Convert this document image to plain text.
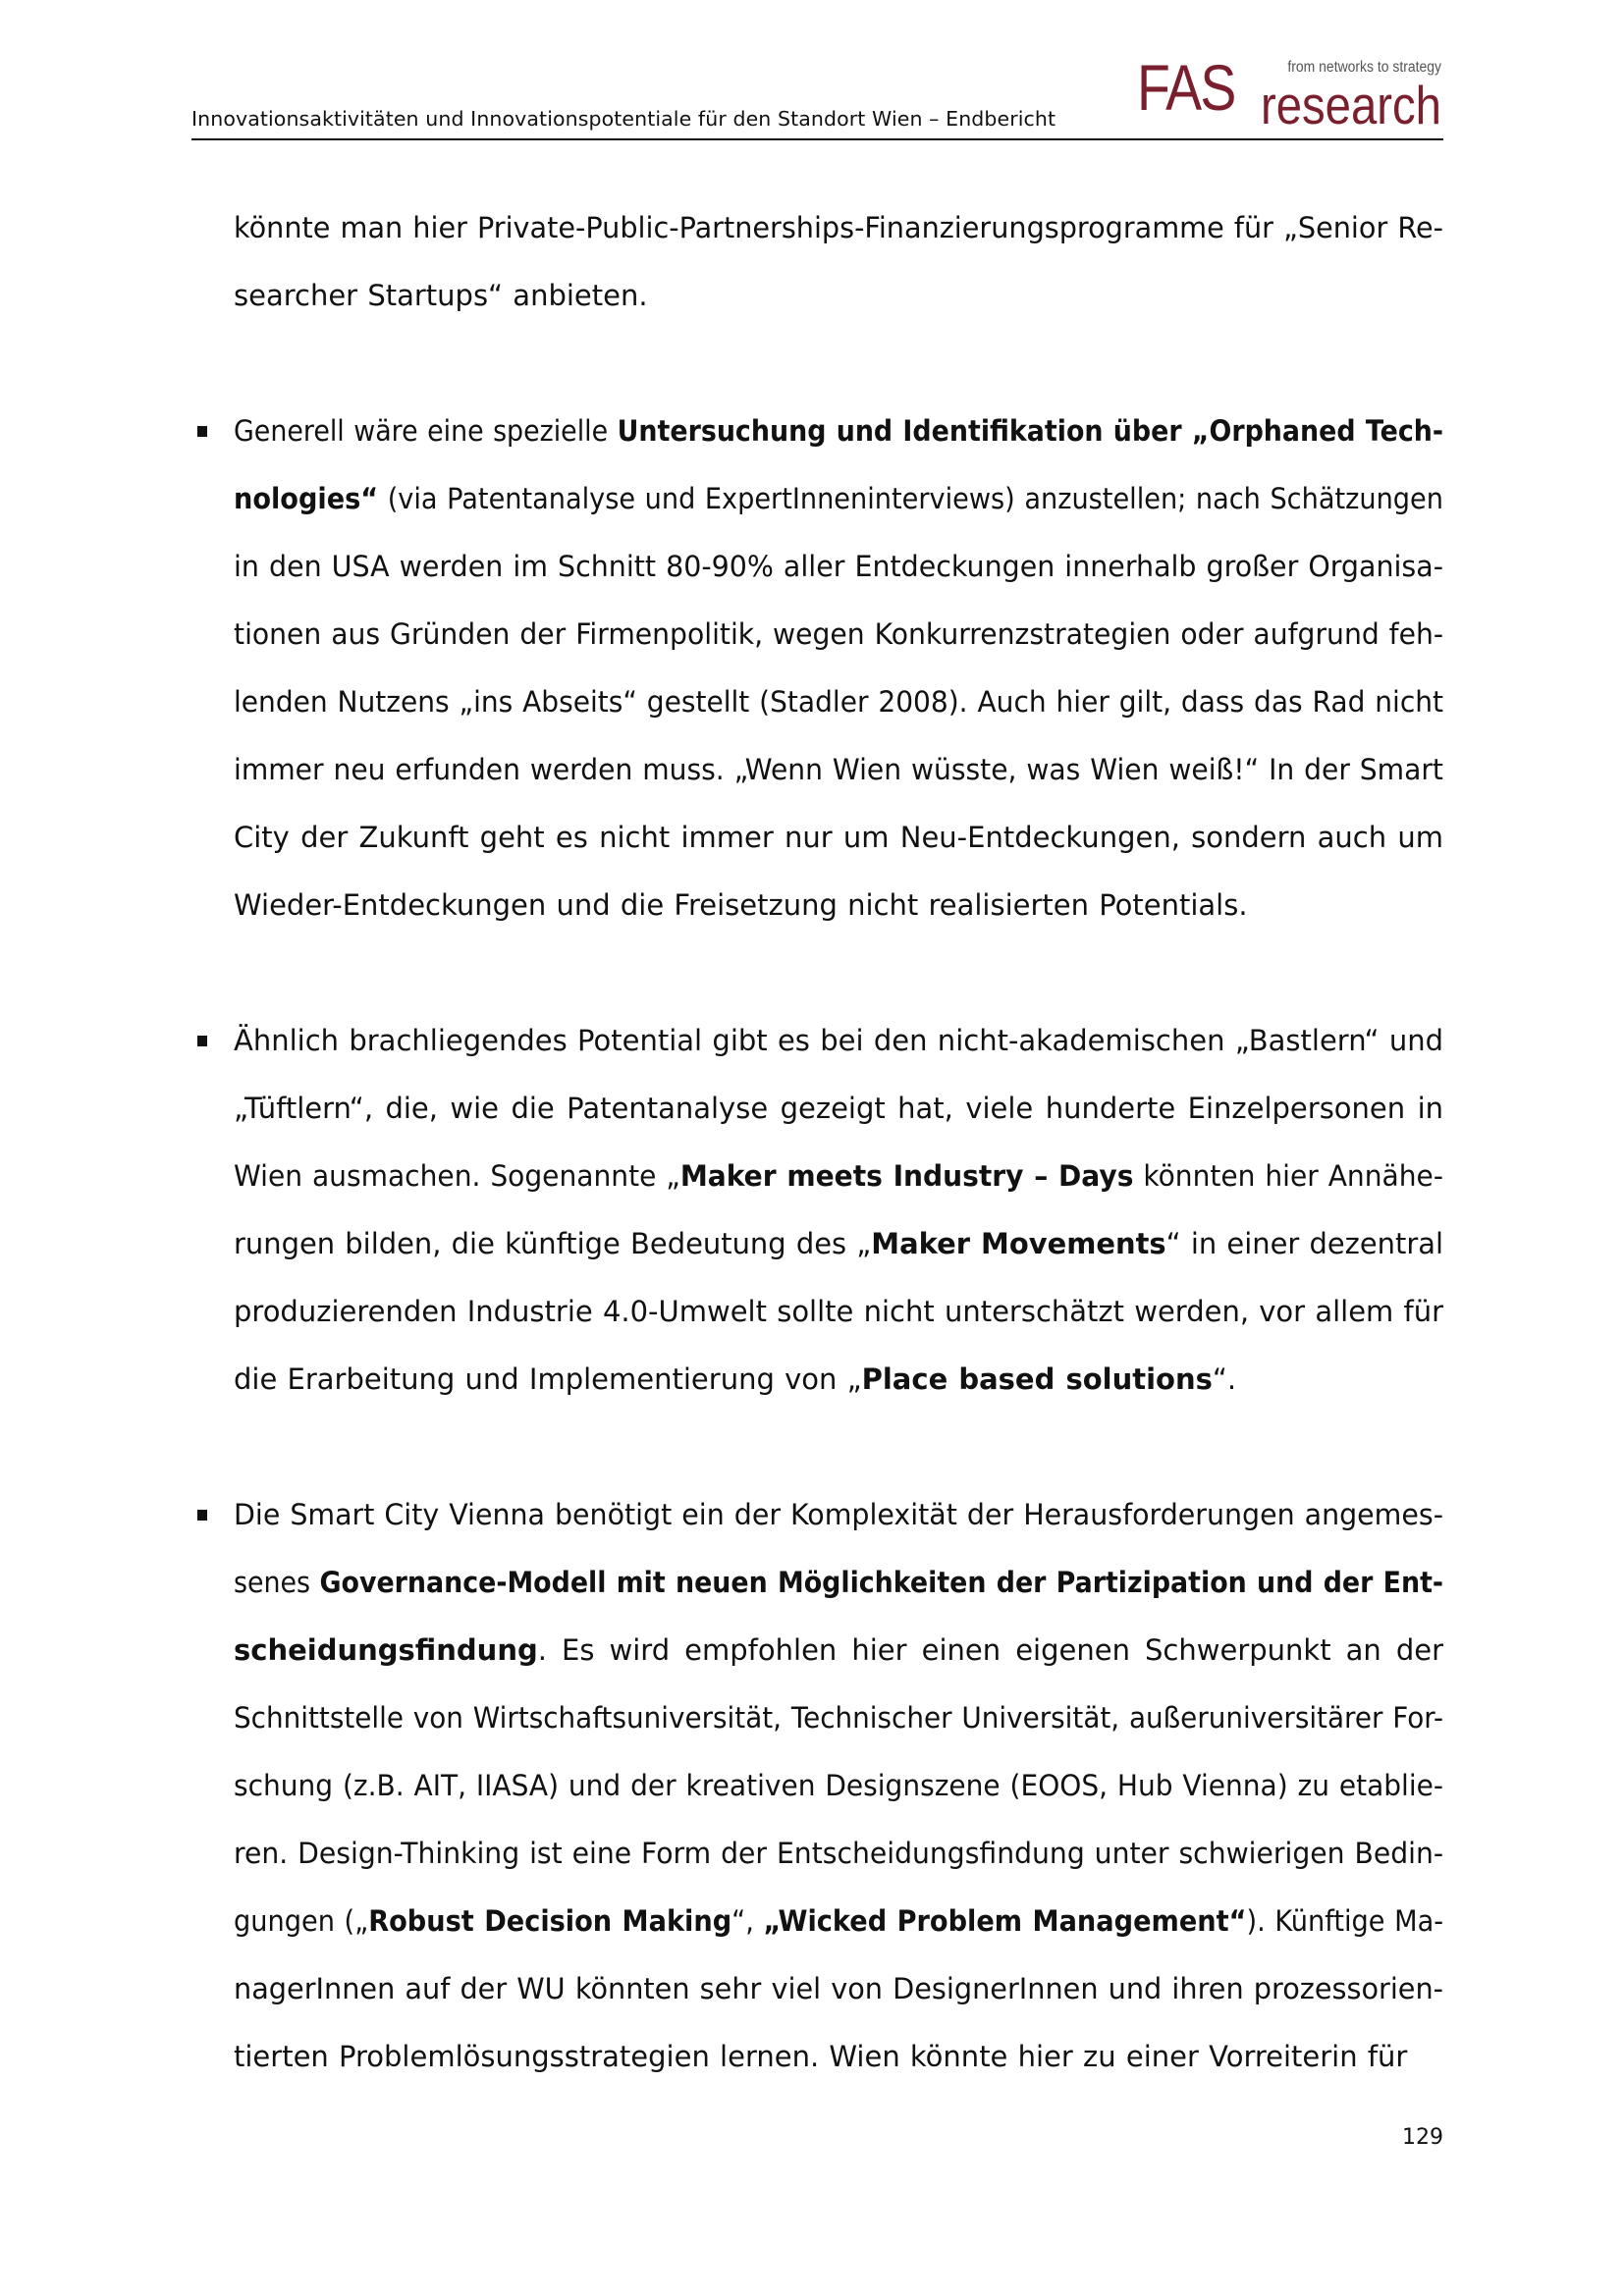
Innovationsaktivitäten und Innovationspotentiale für den Standort Wien – Endbericht FAS	from networks to strategy
research
könnte man hier Private-Public-Partnerships-Finanzierungsprogramme für „Senior Re-
searcher Startups“ anbieten.
Generell wäre eine spezielle Untersuchung und Identifikation über „Orphaned Tech-
nologies“ (via Patentanalyse und ExpertInneninterviews) anzustellen; nach Schätzungen
in den USA werden im Schnitt 80-90% aller Entdeckungen innerhalb großer Organisa-
tionen aus Gründen der Firmenpolitik, wegen Konkurrenzstrategien oder aufgrund feh-
lenden Nutzens „ins Abseits“ gestellt (Stadler 2008). Auch hier gilt, dass das Rad nicht
immer neu erfunden werden muss. „Wenn Wien wüsste, was Wien weiß!“ In der Smart
City der Zukunft geht es nicht immer nur um Neu-Entdeckungen, sondern auch um
Wieder-Entdeckungen und die Freisetzung nicht realisierten Potentials.
Ähnlich brachliegendes Potential gibt es bei den nicht-akademischen „Bastlern“ und
„Tüftlern“, die, wie die Patentanalyse gezeigt hat, viele hunderte Einzelpersonen in
Wien ausmachen. Sogenannte „Maker meets Industry – Days könnten hier Annähe-
rungen bilden, die künftige Bedeutung des „Maker Movements“ in einer dezentral
produzierenden Industrie 4.0-Umwelt sollte nicht unterschätzt werden, vor allem für
die Erarbeitung und Implementierung von „Place based solutions“.
Die Smart City Vienna benötigt ein der Komplexität der Herausforderungen angemes-
senes Governance-Modell mit neuen Möglichkeiten der Partizipation und der Ent-
scheidungsfindung. Es wird empfohlen hier einen eigenen Schwerpunkt an der
Schnittstelle von Wirtschaftsuniversität, Technischer Universität, außeruniversitärer For-
schung (z.B. AIT, IIASA) und der kreativen Designszene (EOOS, Hub Vienna) zu etablie-
ren. Design-Thinking ist eine Form der Entscheidungsfindung unter schwierigen Bedin-
gungen („Robust Decision Making“, „Wicked Problem Management“). Künftige Ma-
nagerInnen auf der WU könnten sehr viel von DesignerInnen und ihren prozessorien-
tierten Problemlösungsstrategien lernen. Wien könnte hier zu einer Vorreiterin für
129
